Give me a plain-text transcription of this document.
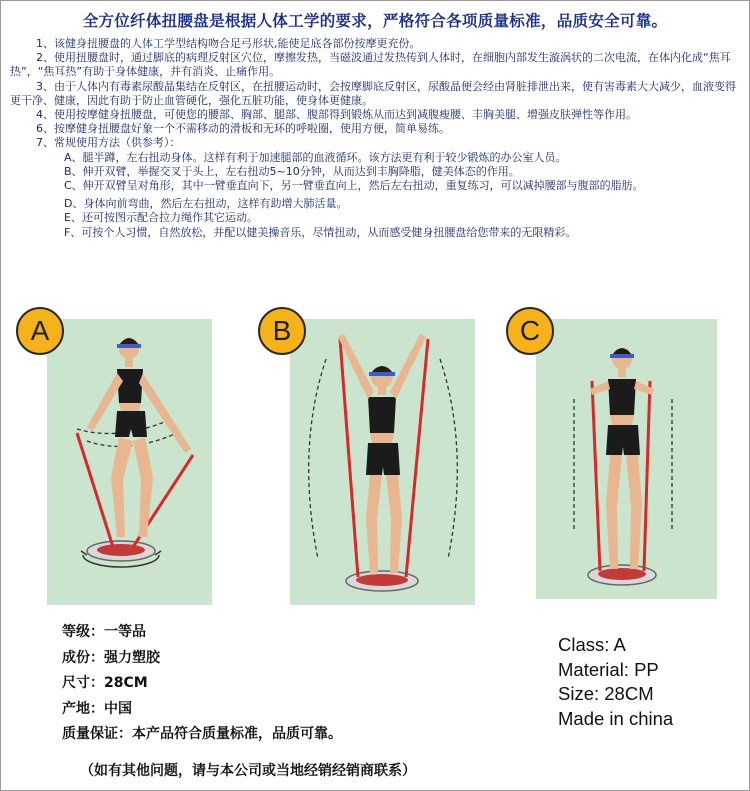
全方位纤体扭腰盘是根据人体工学的要求，严格符合各项质量标准，品质安全可靠。

1、该健身扭腰盘的人体工学型结构吻合足弓形状,能使足底各部份按摩更充份。

2、使用扭腰盘时，通过脚底的病理反射区穴位，摩擦发热，当磁波通过发热传到人体时，在细胞内部发生漩涡状的二次电流，在体内化成“焦耳热”，“焦耳热”有助于身体健康，并有消炎、止痛作用。

3、由于人体内有毒素尿酸晶集结在反射区，在扭腰运动时，会按摩脚底反射区，尿酸晶便会经由肾脏排泄出来，使有害毒素大大减少，血液变得更干净、健康，因此有助于防止血管硬化，强化五脏功能，使身体更健康。

4、使用按摩健身扭腰盘，可使您的腰部、胸部、腿部、腹部得到锻炼从而达到减腹瘦腰、丰胸美腿、增强皮肤弹性等作用。

6、按摩健身扭腰盘好象一个不需移动的滑板和无环的呼啦圈，使用方便，简单易练。

7、常规使用方法（供参考）：

A、腿半蹲，左右扭动身体。这样有利于加速腿部的血液循环。该方法更有利于较少锻炼的办公室人员。

B、伸开双臂，举握交叉于头上，左右扭动5~10分钟，从而达到丰胸降脂，健美体态的作用。

C、伸开双臂呈对角形，其中一臂垂直向下，另一臂垂直向上，然后左右扭动，重复练习，可以减掉腰部与腹部的脂肪。

D、身体向前弯曲，然后左右扭动，这样有助增大肺活量。

E、还可按图示配合拉力绳作其它运动。

F、可按个人习惯，自然放松，并配以健美操音乐，尽情扭动，从而感受健身扭腰盘给您带来的无限精彩。

A	B	C
等级：一等品
成份：强力塑胶
尺寸：28CM
产地：中国
质量保证：本产品符合质量标准，品质可靠。
（如有其他问题，请与本公司或当地经销经销商联系）
Class: A
Material: PP
Size: 28CM
Made in china
